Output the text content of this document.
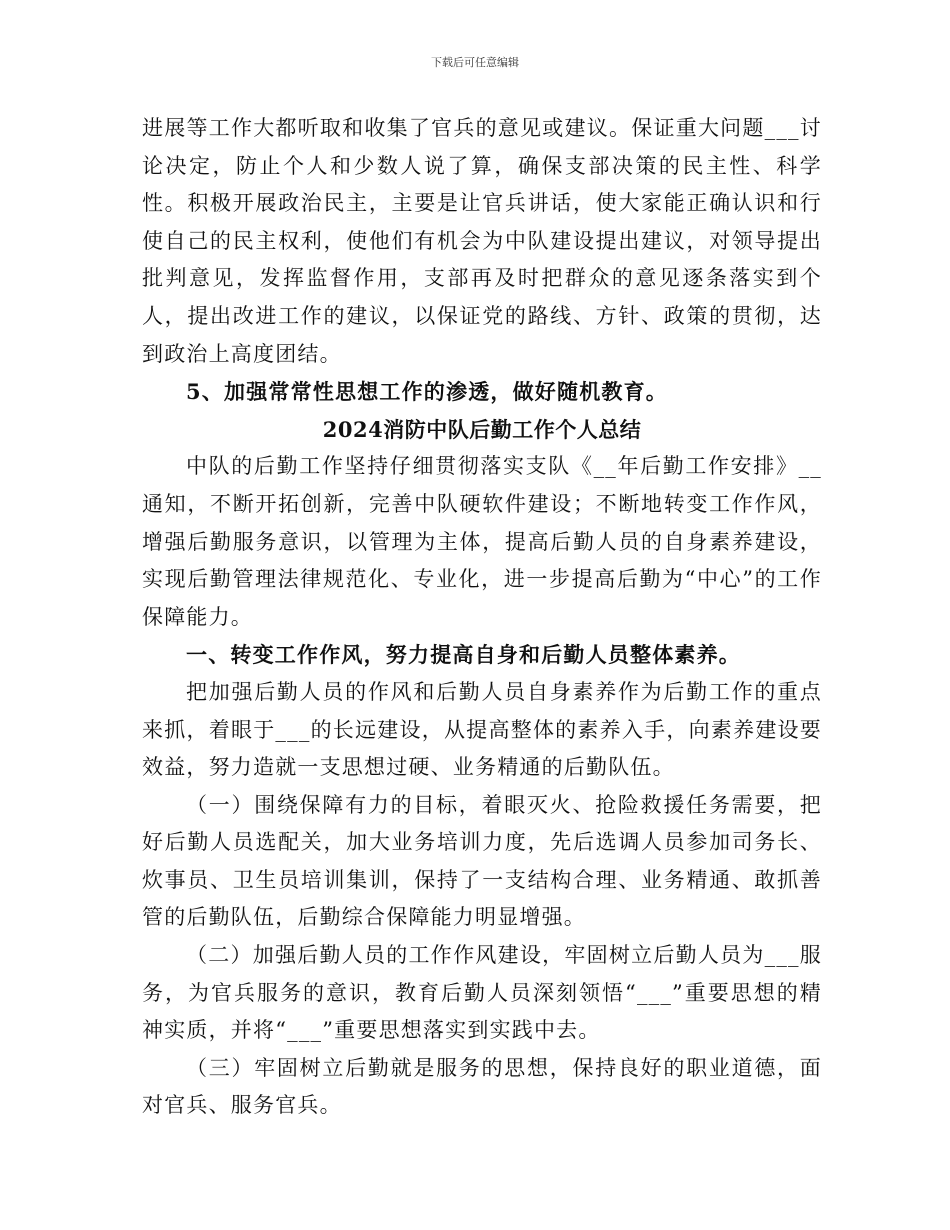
下载后可任意编辑

进展等工作大都听取和收集了官兵的意见或建议。保证重大问题___讨论决定，防止个人和少数人说了算，确保支部决策的民主性、科学性。积极开展政治民主，主要是让官兵讲话，使大家能正确认识和行使自己的民主权利，使他们有机会为中队建设提出建议，对领导提出批判意见，发挥监督作用，支部再及时把群众的意见逐条落实到个人，提出改进工作的建议，以保证党的路线、方针、政策的贯彻，达到政治上高度团结。

5、加强常常性思想工作的渗透，做好随机教育。

2024消防中队后勤工作个人总结

中队的后勤工作坚持仔细贯彻落实支队《__年后勤工作安排》__通知，不断开拓创新，完善中队硬软件建设；不断地转变工作作风，增强后勤服务意识，以管理为主体，提高后勤人员的自身素养建设，实现后勤管理法律规范化、专业化，进一步提高后勤为“中心”的工作保障能力。

一、转变工作作风，努力提高自身和后勤人员整体素养。

把加强后勤人员的作风和后勤人员自身素养作为后勤工作的重点来抓，着眼于___的长远建设，从提高整体的素养入手，向素养建设要效益，努力造就一支思想过硬、业务精通的后勤队伍。

（一）围绕保障有力的目标，着眼灭火、抢险救援任务需要，把好后勤人员选配关，加大业务培训力度，先后选调人员参加司务长、炊事员、卫生员培训集训，保持了一支结构合理、业务精通、敢抓善管的后勤队伍，后勤综合保障能力明显增强。

（二）加强后勤人员的工作作风建设，牢固树立后勤人员为___服务，为官兵服务的意识，教育后勤人员深刻领悟“___”重要思想的精神实质，并将“___”重要思想落实到实践中去。

（三）牢固树立后勤就是服务的思想，保持良好的职业道德，面对官兵、服务官兵。
